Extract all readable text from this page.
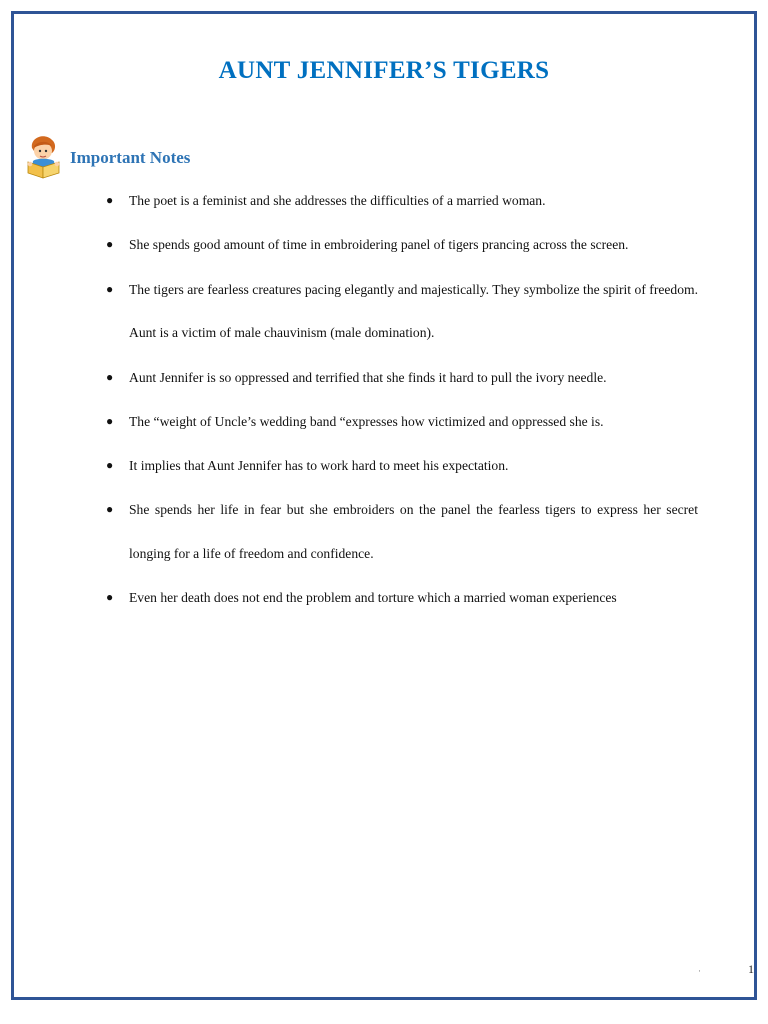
AUNT JENNIFER’S TIGERS
Important Notes
● The poet is a feminist and she addresses the difficulties of a married woman.
● She spends good amount of time in embroidering panel of tigers prancing across the screen.
● The tigers are fearless creatures pacing elegantly and majestically. They symbolize the spirit of freedom. Aunt is a victim of male chauvinism (male domination).
● Aunt Jennifer is so oppressed and terrified that she finds it hard to pull the ivory needle.
● The “weight of Uncle’s wedding band “expresses how victimized and oppressed she is.
● It implies that Aunt Jennifer has to work hard to meet his expectation.
● She spends her life in fear but she embroiders on the panel the fearless tigers to express her secret longing for a life of freedom and confidence.
● Even her death does not end the problem and torture which a married woman experiences
·	1
